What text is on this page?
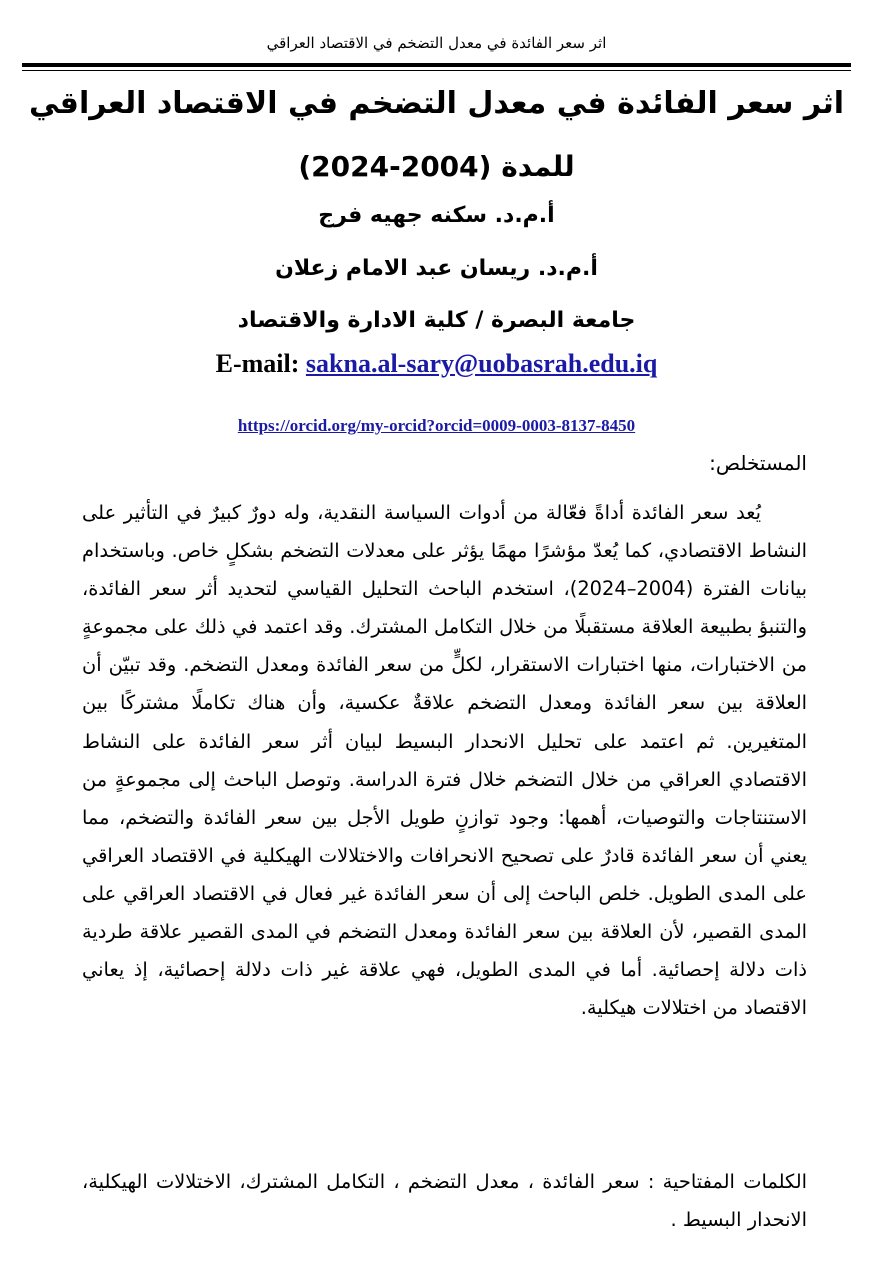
اثر سعر الفائدة في معدل التضخم في الاقتصاد العراقي
اثر سعر الفائدة في معدل التضخم في الاقتصاد العراقي
للمدة (2004-2024)
أ.م.د. سكنه جهيه فرج
أ.م.د. ريسان عبد الامام زعلان
جامعة البصرة / كلية الادارة والاقتصاد
E-mail: sakna.al-sary@uobasrah.edu.iq
https://orcid.org/my-orcid?orcid=0009-0003-8137-8450
المستخلص:

يُعد سعر الفائدة أداةً فعّالة من أدوات السياسة النقدية، وله دورٌ كبيرٌ في التأثير على النشاط الاقتصادي، كما يُعدّ مؤشرًا مهمًا يؤثر على معدلات التضخم بشكلٍ خاص. وباستخدام بيانات الفترة (2004–2024)، استخدم الباحث التحليل القياسي لتحديد أثر سعر الفائدة، والتنبؤ بطبيعة العلاقة مستقبلًا من خلال التكامل المشترك. وقد اعتمد في ذلك على مجموعةٍ من الاختبارات، منها اختبارات الاستقرار، لكلٍّ من سعر الفائدة ومعدل التضخم. وقد تبيّن أن العلاقة بين سعر الفائدة ومعدل التضخم علاقةٌ عكسية، وأن هناك تكاملًا مشتركًا بين المتغيرين. ثم اعتمد على تحليل الانحدار البسيط لبيان أثر سعر الفائدة على النشاط الاقتصادي العراقي من خلال التضخم خلال فترة الدراسة. وتوصل الباحث إلى مجموعةٍ من الاستنتاجات والتوصيات، أهمها: وجود توازنٍ طويل الأجل بين سعر الفائدة والتضخم، مما يعني أن سعر الفائدة قادرٌ على تصحيح الانحرافات والاختلالات الهيكلية في الاقتصاد العراقي على المدى الطويل. خلص الباحث إلى أن سعر الفائدة غير فعال في الاقتصاد العراقي على المدى القصير، لأن العلاقة بين سعر الفائدة ومعدل التضخم في المدى القصير علاقة طردية ذات دلالة إحصائية. أما في المدى الطويل، فهي علاقة غير ذات دلالة إحصائية، إذ يعاني الاقتصاد من اختلالات هيكلية.

الكلمات المفتاحية : سعر الفائدة ، معدل التضخم ، التكامل المشترك، الاختلالات الهيكلية، الانحدار البسيط .
